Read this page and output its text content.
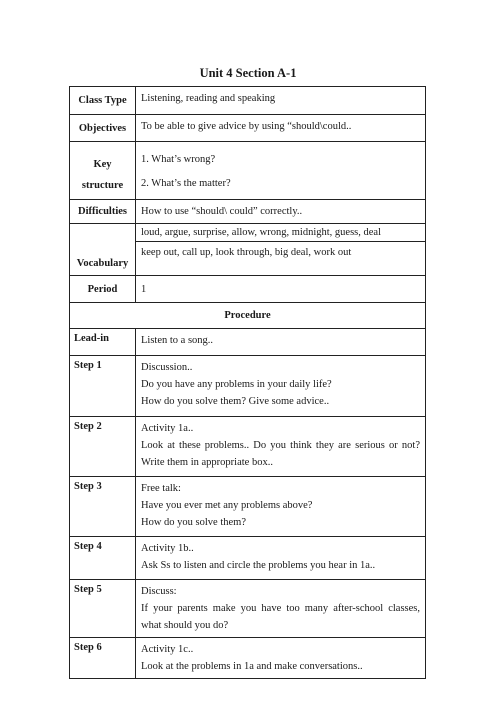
Unit 4 Section A-1
Class Type	Listening, reading and speaking
Objectives	To be able to give advice by using “should\could..

Key
structure	1. What’s wrong?
2. What’s the matter?

Difficulties	How to use “should\ could” correctly..
Vocabulary	loud, argue, surprise, allow, wrong, midnight, guess, deal
	keep out, call up, look through, big deal, work out
Period	1
Procedure	
Lead-in	Listen to a song..

Step 1	Discussion..
Do you have any problems in your daily life?
How do you solve them? Give some advice..

Step 2	Activity 1a..
Look at these problems.. Do you think they are serious or not? Write them in appropriate box..

Step 3	Free talk:
Have you ever met any problems above?
How do you solve them?

Step 4	Activity 1b..
Ask Ss to listen and circle the problems you hear in 1a..

Step 5	Discuss:
If your parents make you have too many after-school classes, what should you do?

Step 6	Activity 1c..
Look at the problems in 1a and make conversations..
